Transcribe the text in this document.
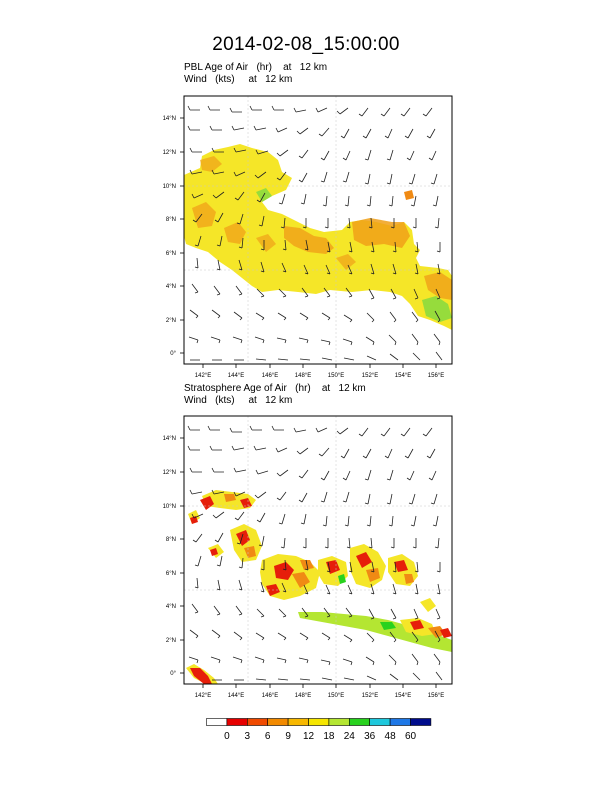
2014-02-08_15:00:00
PBL Age of Air   (hr)    at   12 km
Wind   (kts)     at   12 km
0°
2°N
4°N
6°N
8°N
10°N
12°N
14°N
142°E	144°E	146°E	148°E	150°E	152°E	154°E	156°E
Stratosphere Age of Air   (hr)    at   12 km
Wind   (kts)     at   12 km
0°
2°N
4°N
6°N
8°N
10°N
12°N
14°N
142°E	144°E	146°E	148°E	150°E	152°E	154°E	156°E
0 3 6 9 12 18 24 36 48 60
